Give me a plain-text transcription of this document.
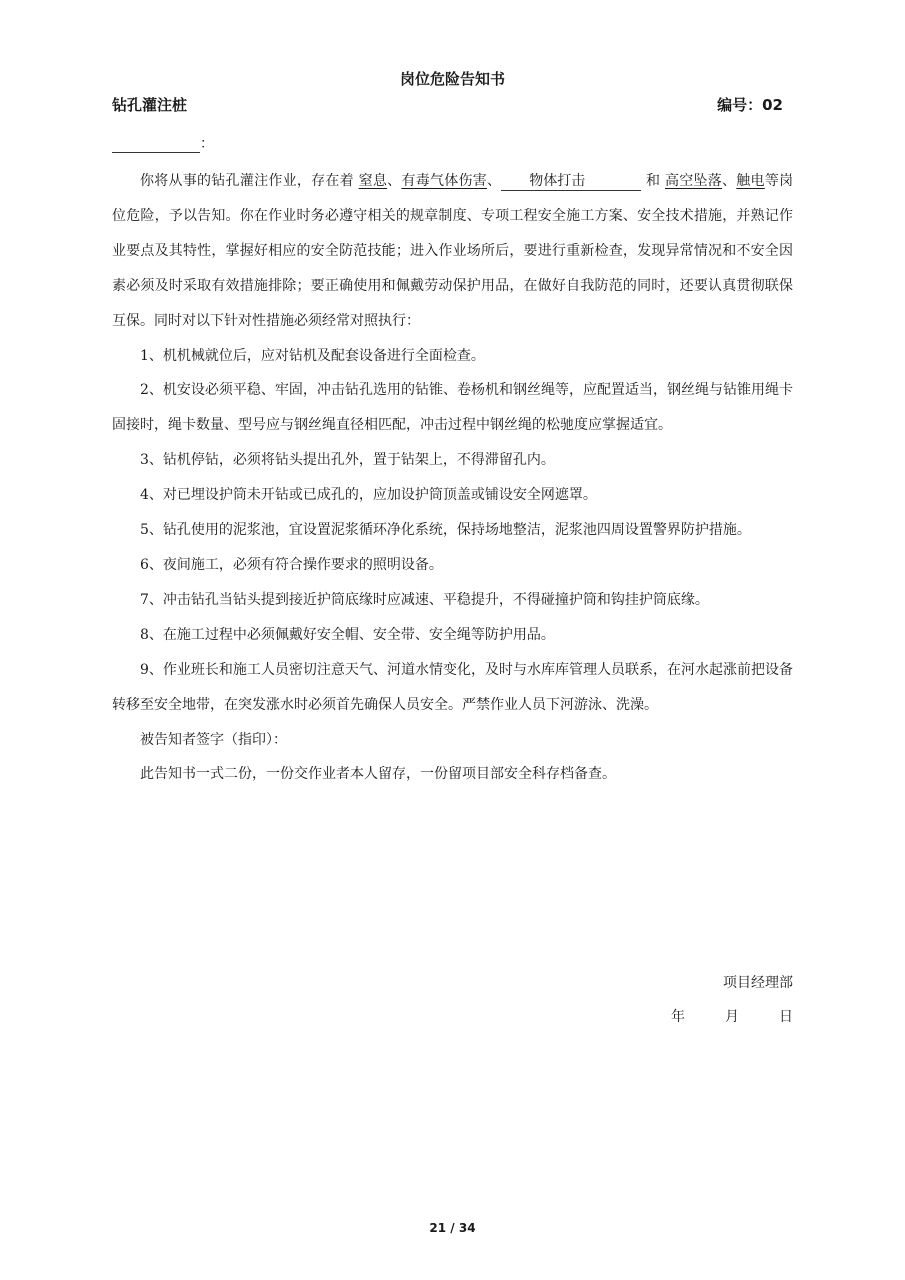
岗位危险告知书
钻孔灌注桩	编号：02
：

你将从事的钻孔灌注作业，存在着 窒息、有毒气体伤害、 物体打击	和 高空坠落、触电等岗位危险，予以告知。你在作业时务必遵守相关的规章制度、专项工程安全施工方案、安全技术措施，并熟记作业要点及其特性，掌握好相应的安全防范技能；进入作业场所后，要进行重新检查，发现异常情况和不安全因素必须及时采取有效措施排除；要正确使用和佩戴劳动保护用品，在做好自我防范的同时，还要认真贯彻联保互保。同时对以下针对性措施必须经常对照执行：

1、机机械就位后，应对钻机及配套设备进行全面检查。

2、机安设必须平稳、牢固，冲击钻孔选用的钻锥、卷杨机和钢丝绳等，应配置适当，钢丝绳与钻锥用绳卡固接时，绳卡数量、型号应与钢丝绳直径相匹配，冲击过程中钢丝绳的松驰度应掌握适宜。

3、钻机停钻，必须将钻头提出孔外，置于钻架上，不得滞留孔内。

4、对已埋设护筒未开钻或已成孔的，应加设护筒顶盖或铺设安全网遮罩。

5、钻孔使用的泥浆池，宜设置泥浆循环净化系统，保持场地整洁，泥浆池四周设置警界防护措施。

6、夜间施工，必须有符合操作要求的照明设备。

7、冲击钻孔当钻头提到接近护筒底缘时应减速、平稳提升，不得碰撞护筒和钩挂护筒底缘。

8、在施工过程中必须佩戴好安全帽、安全带、安全绳等防护用品。

9、作业班长和施工人员密切注意天气、河道水情变化，及时与水库库管理人员联系，在河水起涨前把设备转移至安全地带，在突发涨水时必须首先确保人员安全。严禁作业人员下河游泳、洗澡。

被告知者签字（指印）：

此告知书一式二份，一份交作业者本人留存，一份留项目部安全科存档备查。

项目经理部
年	月	日
21 / 34
